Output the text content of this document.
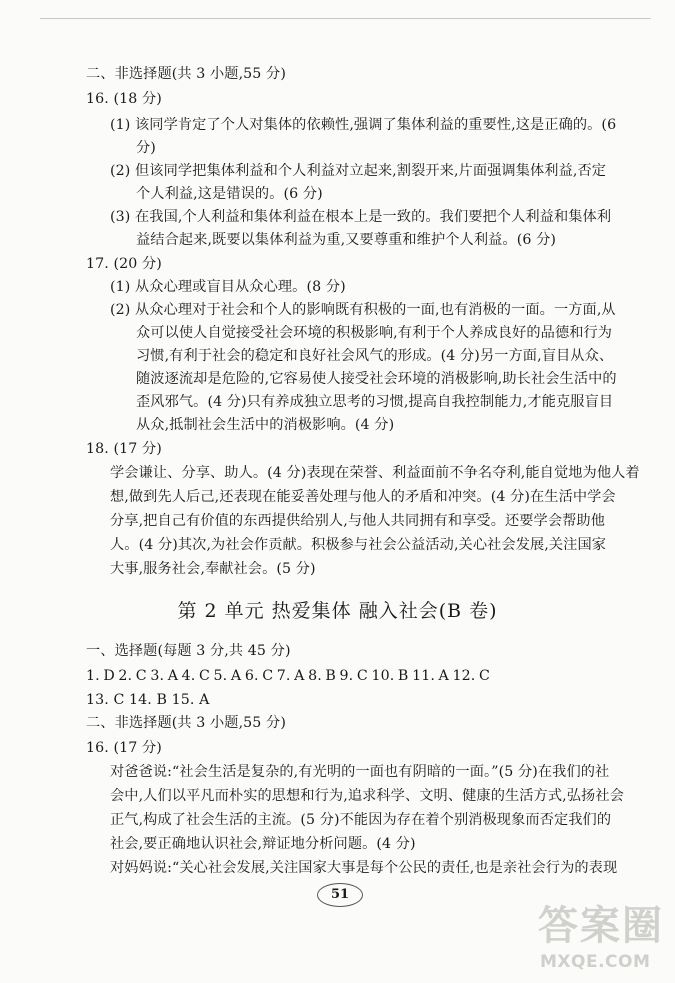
二、非选择题(共 3 小题,55 分)
16. (18 分)
(1) 该同学肯定了个人对集体的依赖性,强调了集体利益的重要性,这是正确的。(6
分)
(2) 但该同学把集体利益和个人利益对立起来,割裂开来,片面强调集体利益,否定
个人利益,这是错误的。(6 分)
(3) 在我国,个人利益和集体利益在根本上是一致的。我们要把个人利益和集体利
益结合起来,既要以集体利益为重,又要尊重和维护个人利益。(6 分)
17. (20 分)
(1) 从众心理或盲目从众心理。(8 分)
(2) 从众心理对于社会和个人的影响既有积极的一面,也有消极的一面。一方面,从
众可以使人自觉接受社会环境的积极影响,有利于个人养成良好的品德和行为
习惯,有利于社会的稳定和良好社会风气的形成。(4 分)另一方面,盲目从众、
随波逐流却是危险的,它容易使人接受社会环境的消极影响,助长社会生活中的
歪风邪气。(4 分)只有养成独立思考的习惯,提高自我控制能力,才能克服盲目
从众,抵制社会生活中的消极影响。(4 分)
18. (17 分)
学会谦让、分享、助人。(4 分)表现在荣誉、利益面前不争名夺利,能自觉地为他人着
想,做到先人后己,还表现在能妥善处理与他人的矛盾和冲突。(4 分)在生活中学会
分享,把自己有价值的东西提供给别人,与他人共同拥有和享受。还要学会帮助他
人。(4 分)其次,为社会作贡献。积极参与社会公益活动,关心社会发展,关注国家
大事,服务社会,奉献社会。(5 分)
第 2 单元 热爱集体 融入社会(B 卷)
一、选择题(每题 3 分,共 45 分)
1. D 2. C 3. A 4. C 5. A 6. C 7. A 8. B 9. C 10. B 11. A 12. C
13. C 14. B 15. A
二、非选择题(共 3 小题,55 分)
16. (17 分)
对爸爸说:“社会生活是复杂的,有光明的一面也有阴暗的一面。”(5 分)在我们的社
会中,人们以平凡而朴实的思想和行为,追求科学、文明、健康的生活方式,弘扬社会
正气,构成了社会生活的主流。(5 分)不能因为存在着个别消极现象而否定我们的
社会,要正确地认识社会,辩证地分析问题。(4 分)
对妈妈说:“关心社会发展,关注国家大事是每个公民的责任,也是亲社会行为的表现
51
答案圈
MXQE.COM
